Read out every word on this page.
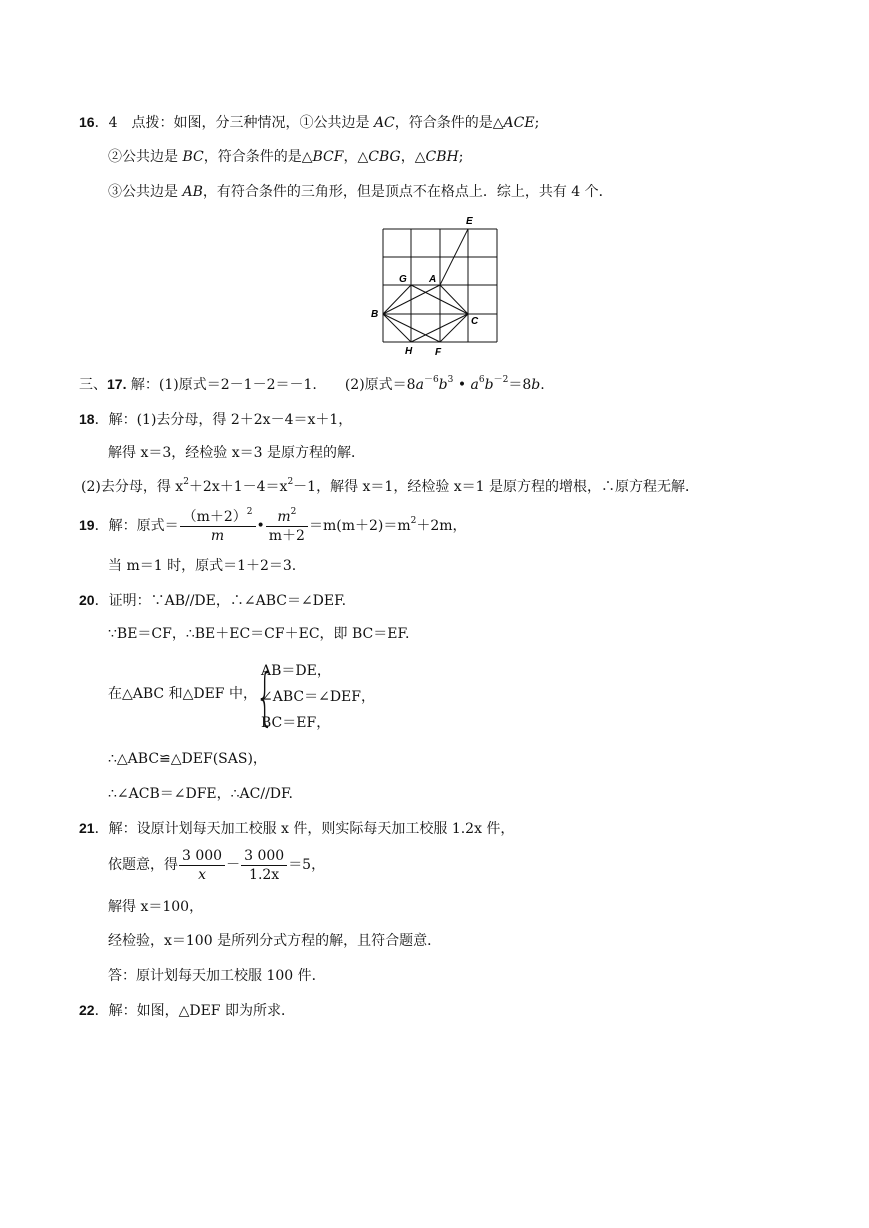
16．4　点拨：如图，分三种情况，①公共边是 AC，符合条件的是△ACE;
②公共边是 BC，符合条件的是△BCF，△CBG，△CBH;
③公共边是 AB，有符合条件的三角形，但是顶点不在格点上．综上，共有 4 个．
E
G A
B
C
H F
三、17. 解：(1)原式＝2－1－2＝－1.　　(2)原式$=8a^{-6}b^3$ • $a^6b^{-2}=8b$.
18．解：(1)去分母，得 2＋2x－4＝x＋1，
解得 x＝3，经检验 x＝3 是原方程的解．
(2)去分母，得 $x^2+2x+1-4=x^2-1$，解得 x＝1，经检验 x＝1 是原方程的增根，∴原方程无解．
19．解：原式＝ $\frac{(m+2)^2}{m}$ • $\frac{m^2}{m+2} =m(m+2)=m^2+2m$，
当 m＝1 时，原式＝1＋2＝3.
20．证明：∵AB//DE，∴∠ABC＝∠DEF.
∵BE＝CF，∴BE＋EC＝CF＋EC，即 BC＝EF.
在△ABC 和△DEF 中， {
AB＝DE，
∠ABC＝∠DEF，
BC＝EF，
∴△ABC≌△DEF(SAS)，
∴∠ACB＝∠DFE，∴AC//DF.
21．解：设原计划每天加工校服 x 件，则实际每天加工校服 1.2x 件，
依题意，得 $\frac{3 000}{x} - \frac{3 000}{1.2x} =5$，
解得 x＝100，
经检验，x＝100 是所列分式方程的解，且符合题意．
答：原计划每天加工校服 100 件．
22．解：如图，△DEF 即为所求．
